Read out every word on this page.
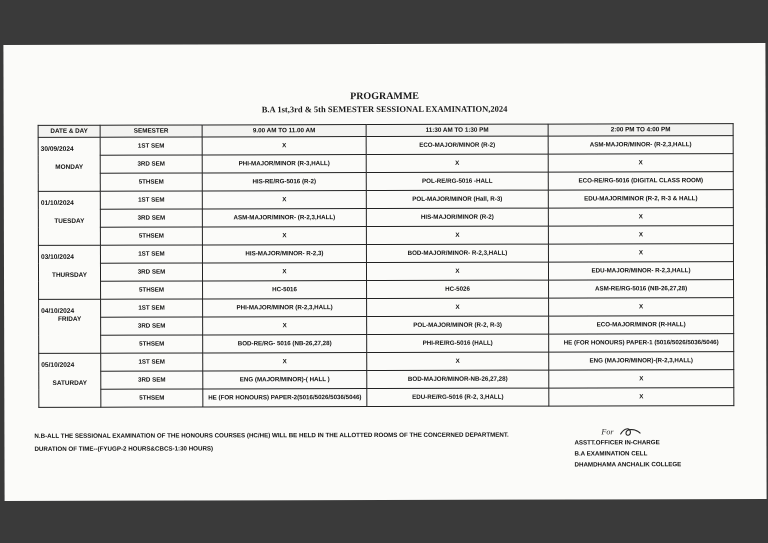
PROGRAMME
B.A 1st,3rd & 5th SEMESTER SESSIONAL EXAMINATION,2024
DATE & DAY	SEMESTER	9.00 AM TO 11.00 AM	11:30 AM TO 1:30 PM	2:00 PM TO 4:00 PM

30/09/2024
MONDAY	1ST SEM	X	ECO-MAJOR/MINOR (R-2)	ASM-MAJOR/MINOR- (R-2,3,HALL)
	3RD SEM	PHI-MAJOR/MINOR (R-3,HALL)	X	X
	5THSEM	HIS-RE/RG-5016 (R-2)	POL-RE/RG-5016 -HALL	ECO-RE/RG-5016 (DIGITAL CLASS ROOM)

01/10/2024
TUESDAY	1ST SEM	X	POL-MAJOR/MINOR (Hall, R-3)	EDU-MAJOR/MINOR (R-2, R-3 & HALL)
	3RD SEM	ASM-MAJOR/MINOR- (R-2,3,HALL)	HIS-MAJOR/MINOR (R-2)	X
	5THSEM	X	X	X

03/10/2024
THURSDAY	1ST SEM	HIS-MAJOR/MINOR- R-2,3)	BOD-MAJOR/MINOR- R-2,3,HALL)	X
	3RD SEM	X	X	EDU-MAJOR/MINOR- R-2,3,HALL)
	5THSEM	HC-5016	HC-5026	ASM-RE/RG-5016 (NB-26,27,28)

04/10/2024
FRIDAY	1ST SEM	PHI-MAJOR/MINOR (R-2,3,HALL)	X	X
	3RD SEM	X	POL-MAJOR/MINOR (R-2, R-3)	ECO-MAJOR/MINOR (R-HALL)
	5THSEM	BOD-RE/RG- 5016 (NB-26,27,28)	PHI-RE/RG-5016 (HALL)	HE (FOR HONOURS) PAPER-1 (5016/5026/5036/5046)

05/10/2024
SATURDAY	1ST SEM	X	X	ENG (MAJOR/MINOR)-(R-2,3,HALL)
	3RD SEM	ENG (MAJOR/MINOR)-( HALL )	BOD-MAJOR/MINOR-NB-26,27,28)	X
	5THSEM	HE (FOR HONOURS) PAPER-2(5016/5026/5036/5046)	EDU-RE/RG-5016 (R-2, 3,HALL)	X
N.B-ALL THE SESSIONAL EXAMINATION OF THE HONOURS COURSES (HC/HE) WILL BE HELD IN THE ALLOTTED ROOMS OF THE CONCERNED DEPARTMENT.
DURATION OF TIME--(FYUGP-2 HOURS&CBCS-1:30 HOURS)
For
ASSTT.OFFICER IN-CHARGE
B.A EXAMINATION CELL
DHAMDHAMA ANCHALIK COLLEGE
